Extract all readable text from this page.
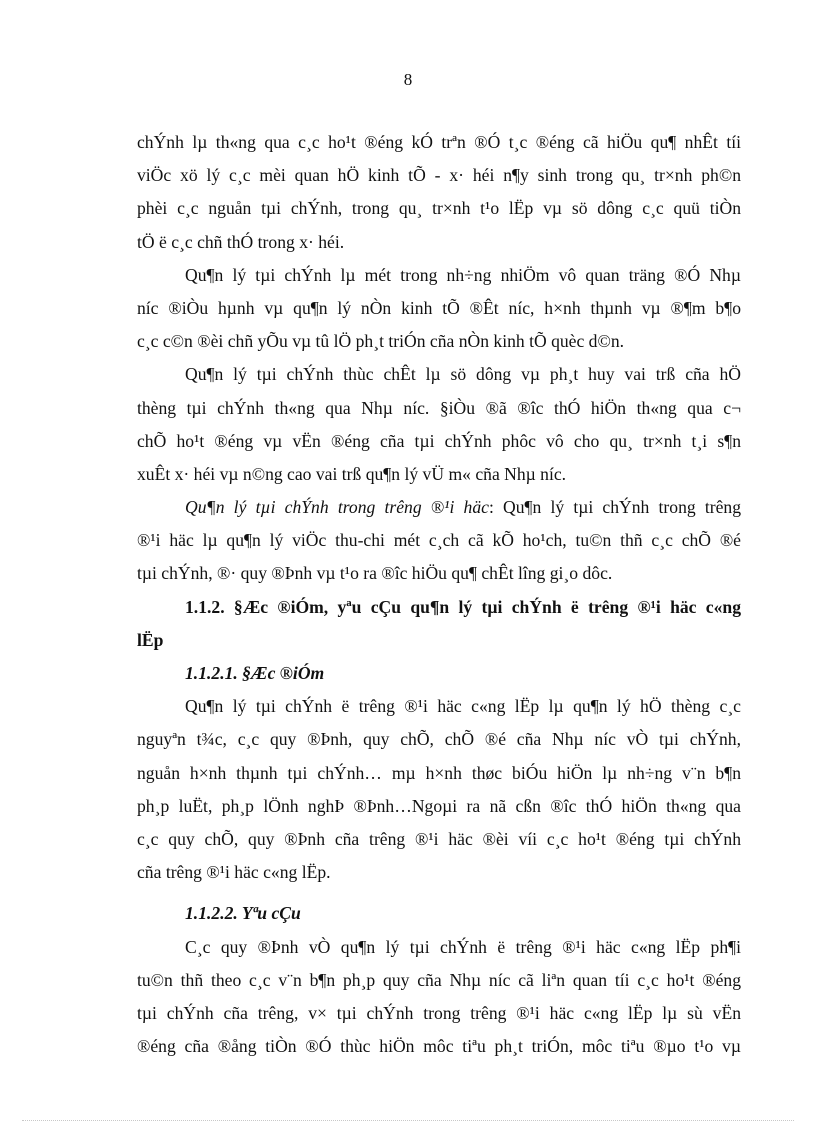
8
chÝnh lµ th«ng qua c¸c ho¹t ®éng kÓ trªn ®Ó t¸c ®éng cã hiÖu qu¶ nhÊt tíi
viÖc xö lý c¸c mèi quan hÖ kinh tÕ - x· héi n¶y sinh trong qu¸ tr×nh ph©n
phèi c¸c nguån tµi chÝnh, trong qu¸ tr×nh t¹o lËp vµ sö dông c¸c quü tiÒn
tÖ ë c¸c chñ thÓ trong x· héi.
Qu¶n lý tµi chÝnh lµ mét trong nh÷ng nhiÖm vô quan träng ®Ó Nhµ
níc ®iÒu hµnh vµ qu¶n lý nÒn kinh tÕ ®Êt níc, h×nh thµnh vµ ®¶m b¶o
c¸c c©n ®èi chñ yÕu vµ tû lÖ ph¸t triÓn cña nÒn kinh tÕ quèc d©n.
Qu¶n lý tµi chÝnh thùc chÊt lµ sö dông vµ ph¸t huy vai trß cña hÖ
thèng tµi chÝnh th«ng qua Nhµ níc. §iÒu ®ã ®îc thÓ hiÖn th«ng qua c¬
chÕ ho¹t ®éng vµ vËn ®éng cña tµi chÝnh phôc vô cho qu¸ tr×nh t¸i s¶n
xuÊt x· héi vµ n©ng cao vai trß qu¶n lý vÜ m« cña Nhµ níc.
Qu¶n lý tµi chÝnh trong trêng ®¹i häc: Qu¶n lý tµi chÝnh trong trêng
®¹i häc lµ qu¶n lý viÖc thu-chi mét c¸ch cã kÕ ho¹ch, tu©n thñ c¸c chÕ ®é
tµi chÝnh, ®· quy ®Þnh vµ t¹o ra ®îc hiÖu qu¶ chÊt lîng gi¸o dôc.
1.1.2. §Æc ®iÓm, yªu cÇu qu¶n lý tµi chÝnh ë trêng ®¹i häc c«ng
lËp
1.1.2.1. §Æc ®iÓm
Qu¶n lý tµi chÝnh ë trêng ®¹i häc c«ng lËp lµ qu¶n lý hÖ thèng c¸c
nguyªn t¾c, c¸c quy ®Þnh, quy chÕ, chÕ ®é cña Nhµ níc vÒ tµi chÝnh,
nguån h×nh thµnh tµi chÝnh… mµ h×nh thøc biÓu hiÖn lµ nh÷ng v¨n b¶n
ph¸p luËt, ph¸p lÖnh nghÞ ®Þnh…Ngoµi ra nã cßn ®îc thÓ hiÖn th«ng qua
c¸c quy chÕ, quy ®Þnh cña trêng ®¹i häc ®èi víi c¸c ho¹t ®éng tµi chÝnh
cña trêng ®¹i häc c«ng lËp.
1.1.2.2. Yªu cÇu
C¸c quy ®Þnh vÒ qu¶n lý tµi chÝnh ë trêng ®¹i häc c«ng lËp ph¶i
tu©n thñ theo c¸c v¨n b¶n ph¸p quy cña Nhµ níc cã liªn quan tíi c¸c ho¹t ®éng
tµi chÝnh cña trêng, v× tµi chÝnh trong trêng ®¹i häc c«ng lËp lµ sù vËn
®éng cña ®ång tiÒn ®Ó thùc hiÖn môc tiªu ph¸t triÓn, môc tiªu ®µo t¹o vµ
